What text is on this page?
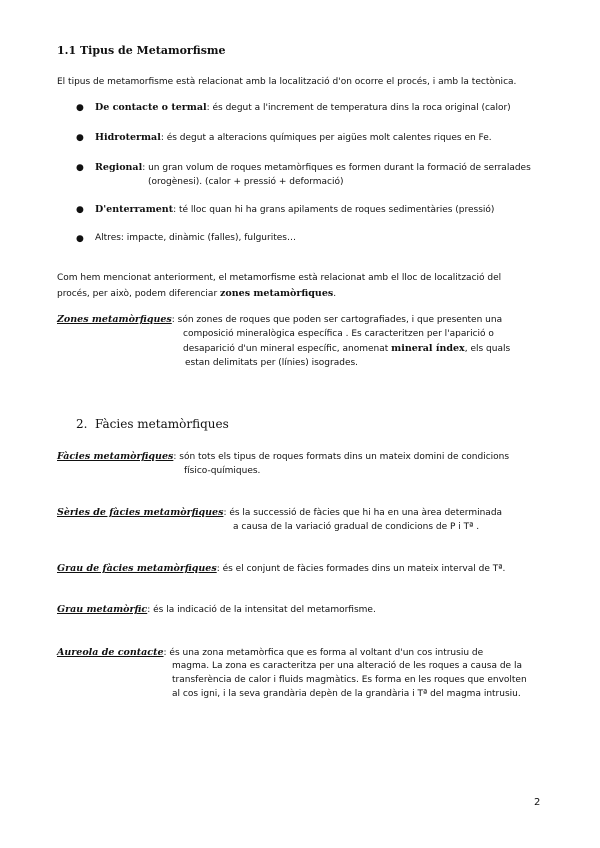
1.1 Tipus de Metamorfisme
El tipus de metamorfisme està relacionat amb la localització d'on ocorre el procés, i amb la tectònica.
● De contacte o termal: és degut a l'increment de temperatura dins la roca original (calor)
● Hidrotermal: és degut a alteracions químiques per aigües molt calentes riques en Fe.
● Regional: un gran volum de roques metamòrfiques es formen durant la formació de serralades
(orogènesi). (calor + pressió + deformació)
● D'enterrament: té lloc quan hi ha grans apilaments de roques sedimentàries (pressió)
● Altres: impacte, dinàmic (falles), fulgurites…
Com hem mencionat anteriorment, el metamorfisme està relacionat amb el lloc de localització del
procés, per això, podem diferenciar zones metamòrfiques.
Zones metamòrfiques: són zones de roques que poden ser cartografiades, i que presenten una
composició mineralògica específica . Es caracteritzen per l'aparició o
desaparició d'un mineral específic, anomenat mineral índex, els quals
estan delimitats per (línies) isogrades.
2. Fàcies metamòrfiques
Fàcies metamòrfiques: són tots els tipus de roques formats dins un mateix domini de condicions
físico-químiques.
Sèries de fàcies metamòrfiques: és la successió de fàcies que hi ha en una àrea determinada
a causa de la variació gradual de condicions de P i Tª .
Grau de fàcies metamòrfiques: és el conjunt de fàcies formades dins un mateix interval de Tª.
Grau metamòrfic: és la indicació de la intensitat del metamorfisme.
Aureola de contacte: és una zona metamòrfica que es forma al voltant d'un cos intrusiu de
magma. La zona es caracteritza per una alteració de les roques a causa de la
transferència de calor i fluids magmàtics. Es forma en les roques que envolten
al cos igni, i la seva grandària depèn de la grandària i Tª del magma intrusiu.
2
